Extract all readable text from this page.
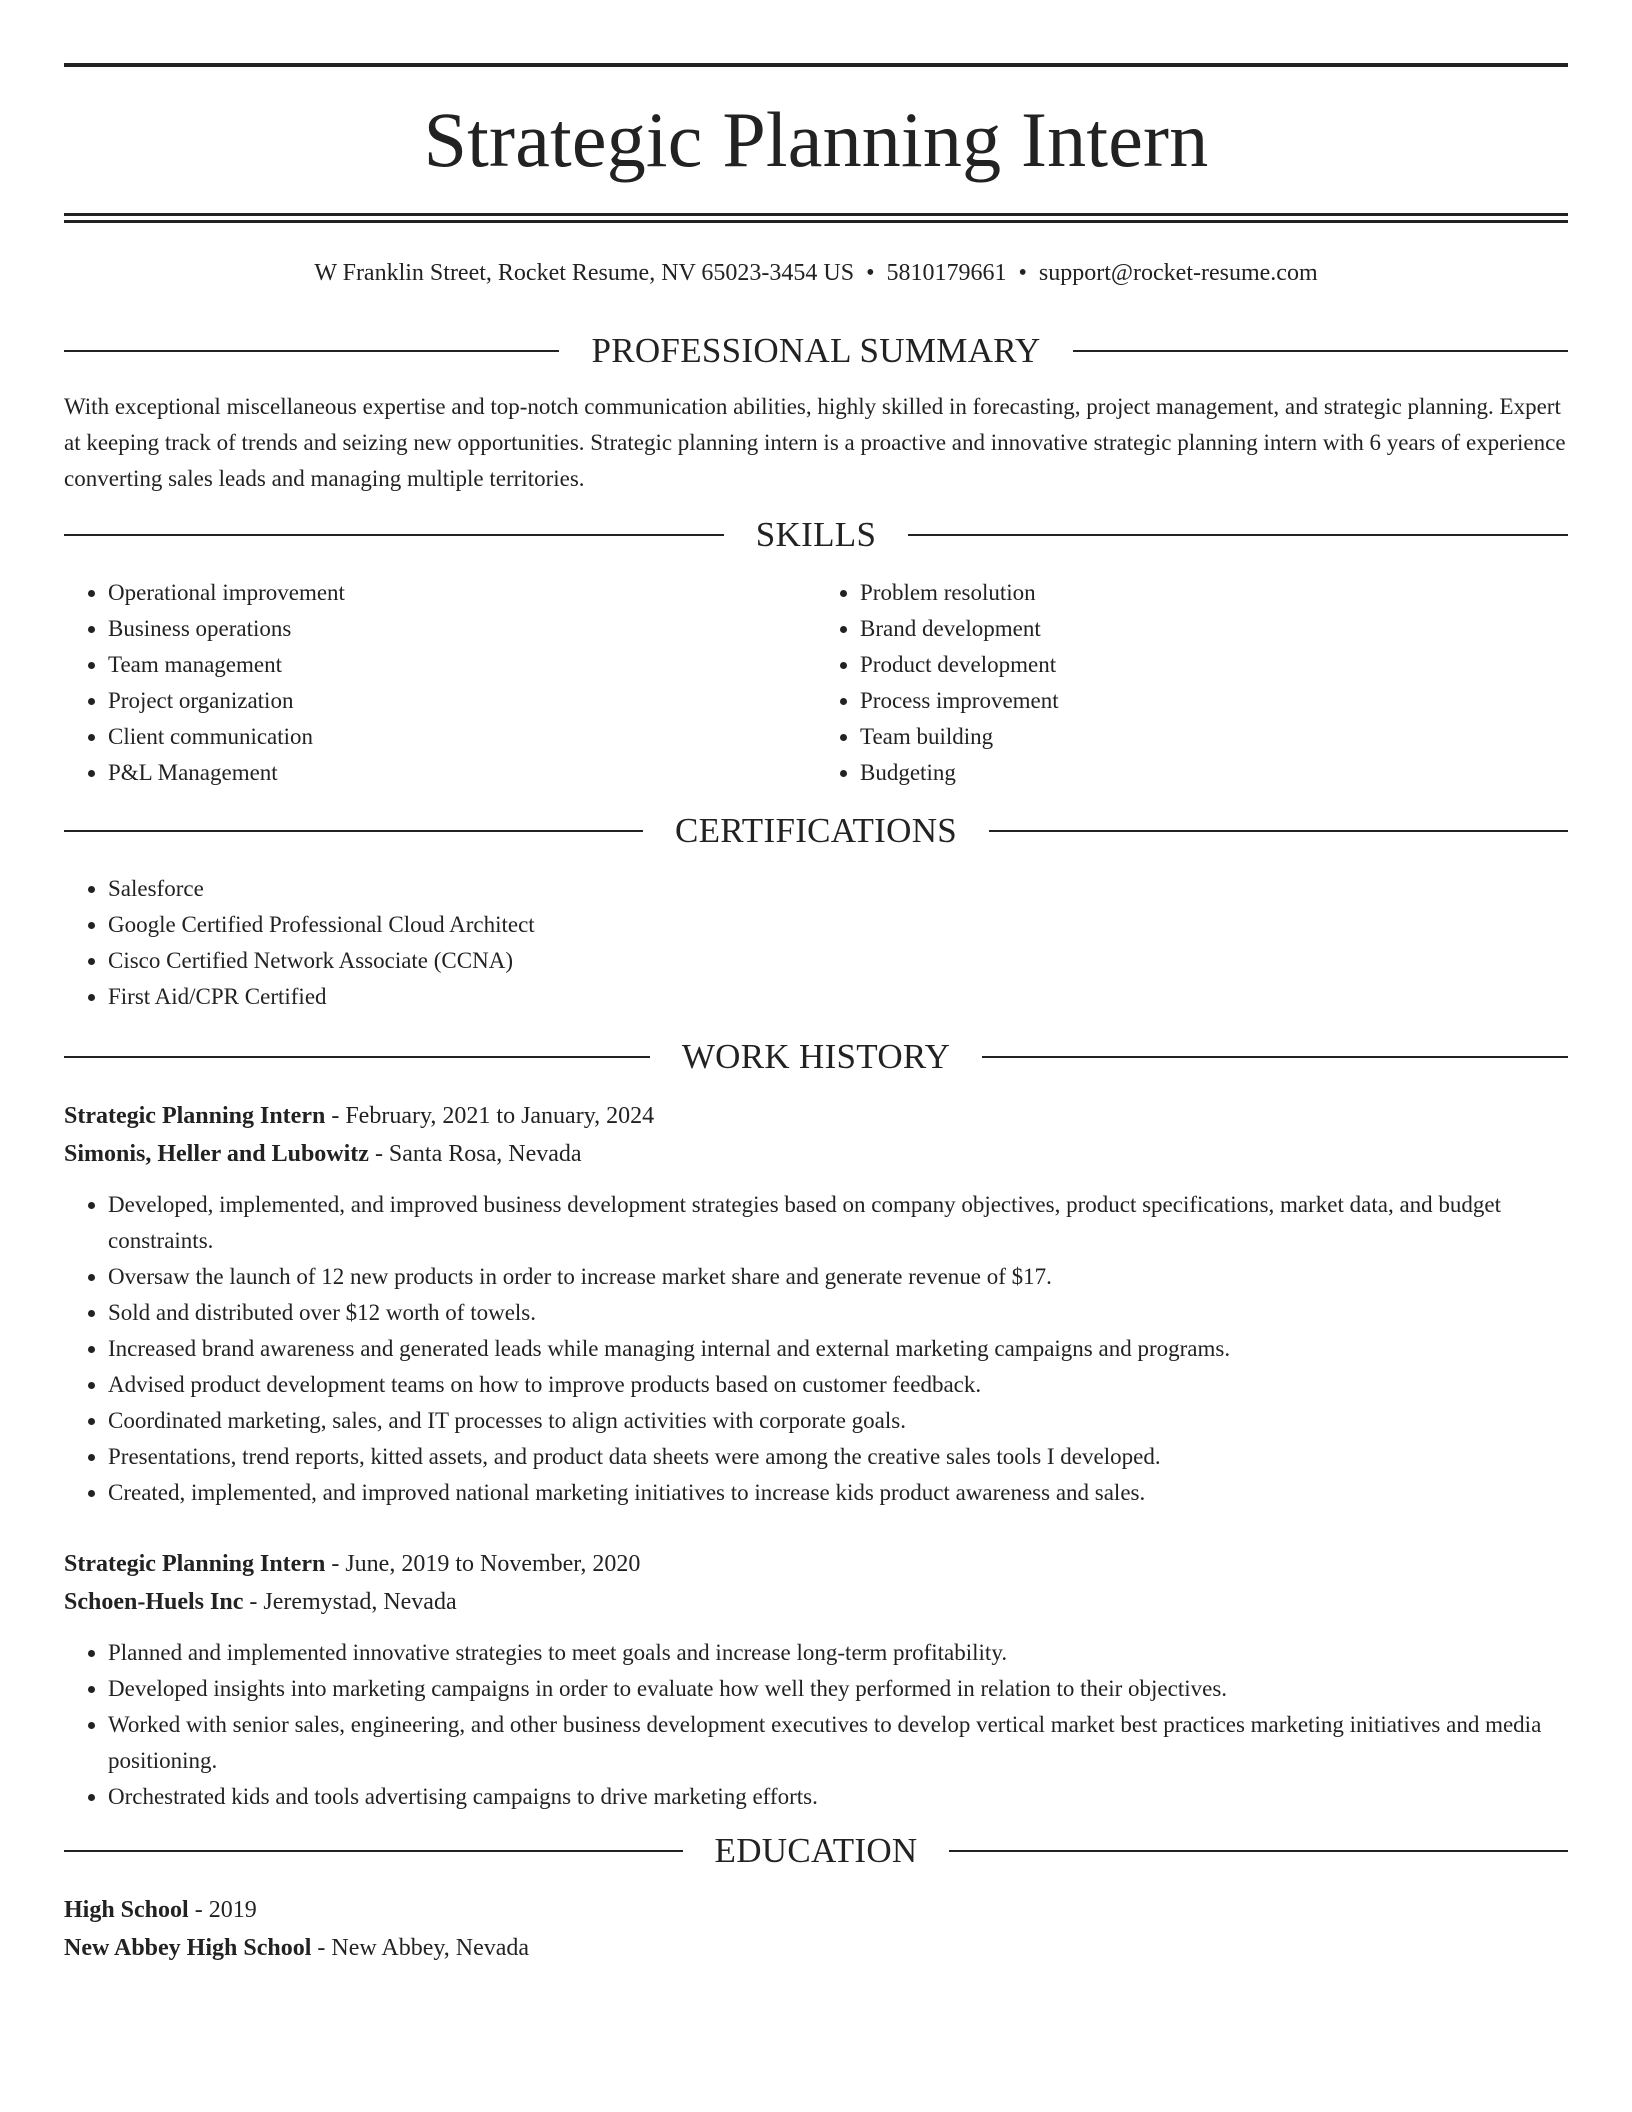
Strategic Planning Intern
W Franklin Street, Rocket Resume, NV 65023-3454 US • 5810179661 • support@rocket-resume.com
PROFESSIONAL SUMMARY

With exceptional miscellaneous expertise and top-notch communication abilities, highly skilled in forecasting, project management, and strategic planning. Expert at keeping track of trends and seizing new opportunities. Strategic planning intern is a proactive and innovative strategic planning intern with 6 years of experience converting sales leads and managing multiple territories.

SKILLS
• Operational improvement
• Business operations
• Team management
• Project organization
• Client communication
• P&L Management
• Problem resolution
• Brand development
• Product development
• Process improvement
• Team building
• Budgeting
CERTIFICATIONS
• Salesforce
• Google Certified Professional Cloud Architect
• Cisco Certified Network Associate (CCNA)
• First Aid/CPR Certified
WORK HISTORY
Strategic Planning Intern - February, 2021 to January, 2024
Simonis, Heller and Lubowitz - Santa Rosa, Nevada
• Developed, implemented, and improved business development strategies based on company objectives, product specifications, market data, and budget constraints.
• Oversaw the launch of 12 new products in order to increase market share and generate revenue of $17.
• Sold and distributed over $12 worth of towels.
• Increased brand awareness and generated leads while managing internal and external marketing campaigns and programs.
• Advised product development teams on how to improve products based on customer feedback.
• Coordinated marketing, sales, and IT processes to align activities with corporate goals.
• Presentations, trend reports, kitted assets, and product data sheets were among the creative sales tools I developed.
• Created, implemented, and improved national marketing initiatives to increase kids product awareness and sales.
Strategic Planning Intern - June, 2019 to November, 2020
Schoen-Huels Inc - Jeremystad, Nevada
• Planned and implemented innovative strategies to meet goals and increase long-term profitability.
• Developed insights into marketing campaigns in order to evaluate how well they performed in relation to their objectives.
• Worked with senior sales, engineering, and other business development executives to develop vertical market best practices marketing initiatives and media positioning.
• Orchestrated kids and tools advertising campaigns to drive marketing efforts.
EDUCATION
High School - 2019
New Abbey High School - New Abbey, Nevada
